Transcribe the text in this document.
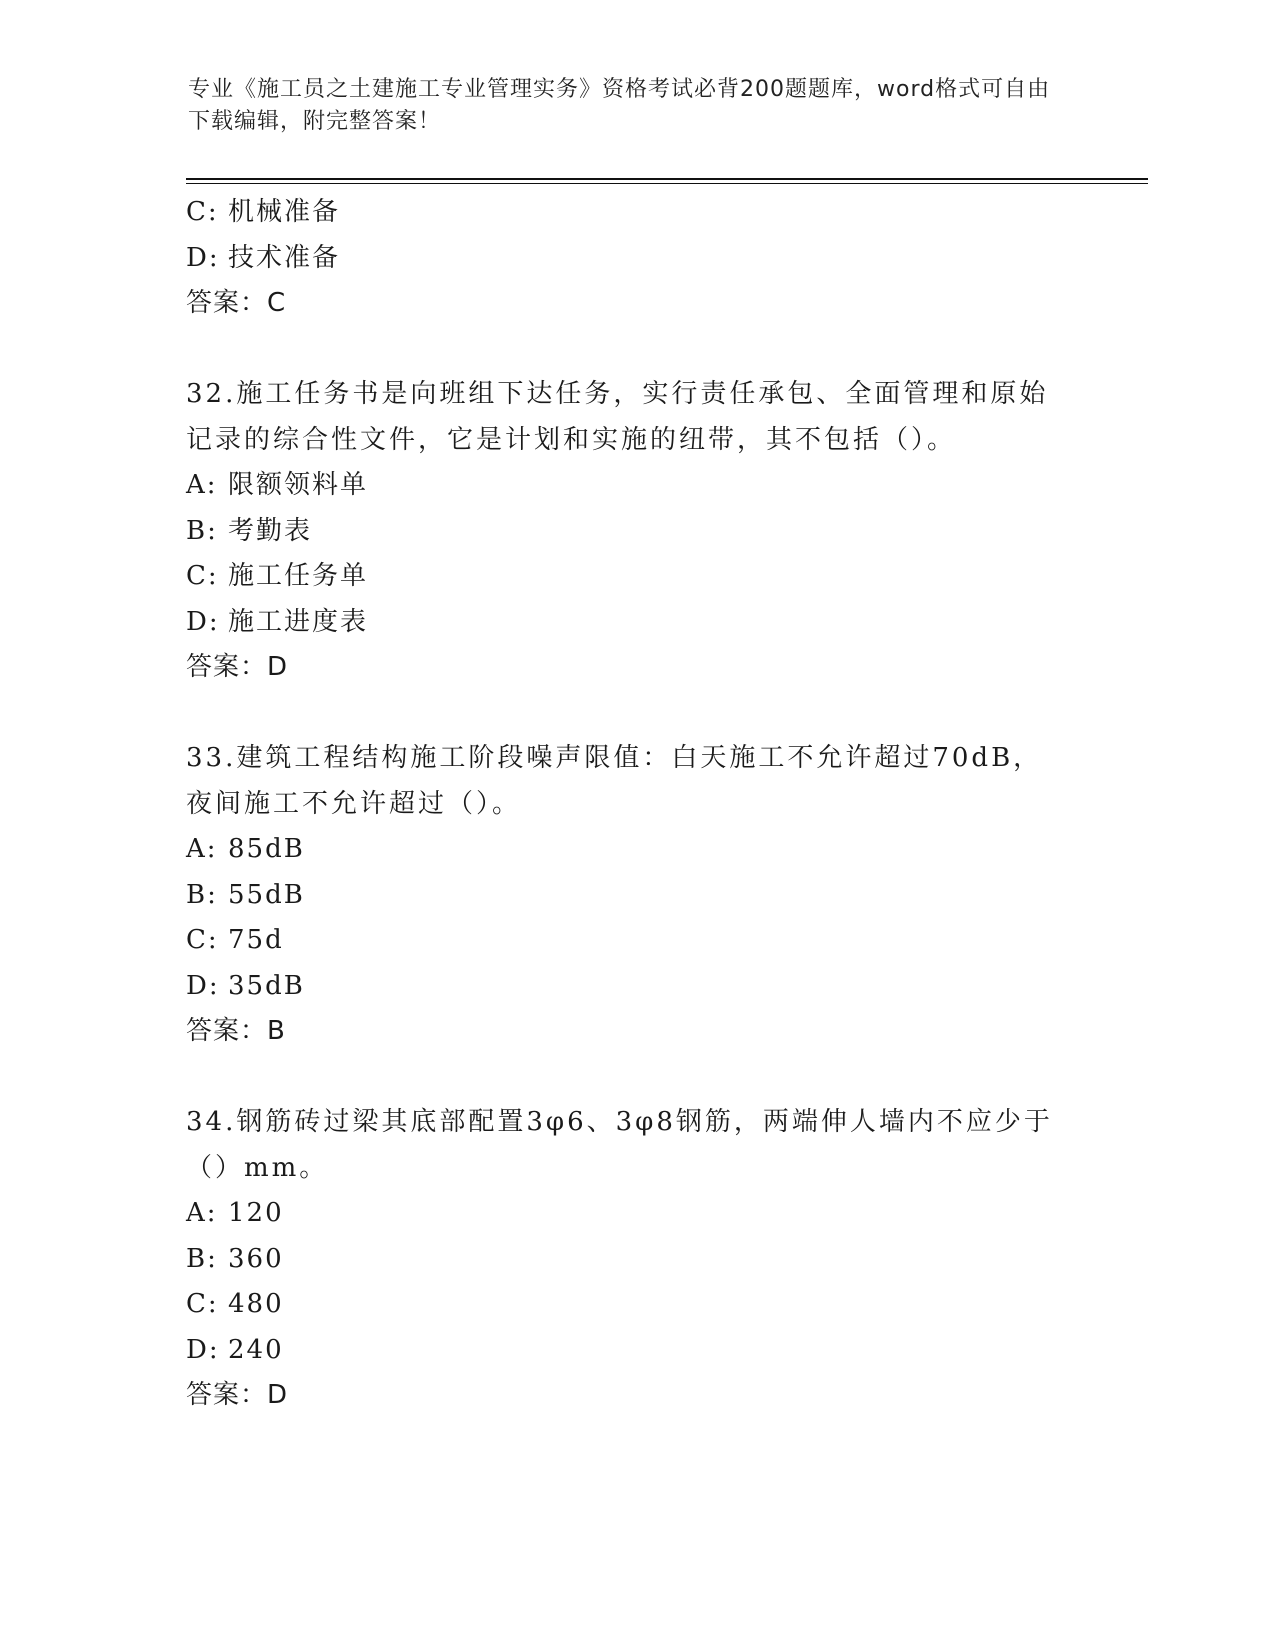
专业《施工员之土建施工专业管理实务》资格考试必背200题题库，word格式可自由下载编辑，附完整答案！
C: 机械准备
D: 技术准备
答案：C
32.施工任务书是向班组下达任务，实行责任承包、全面管理和原始记录的综合性文件，它是计划和实施的纽带，其不包括（）。
A: 限额领料单
B: 考勤表
C: 施工任务单
D: 施工进度表
答案：D
33.建筑工程结构施工阶段噪声限值：白天施工不允许超过70dB，夜间施工不允许超过（）。
A: 85dB
B: 55dB
C: 75d
D: 35dB
答案：B
34.钢筋砖过梁其底部配置3φ6、3φ8钢筋，两端伸人墙内不应少于（）mm。
A: 120
B: 360
C: 480
D: 240
答案：D
